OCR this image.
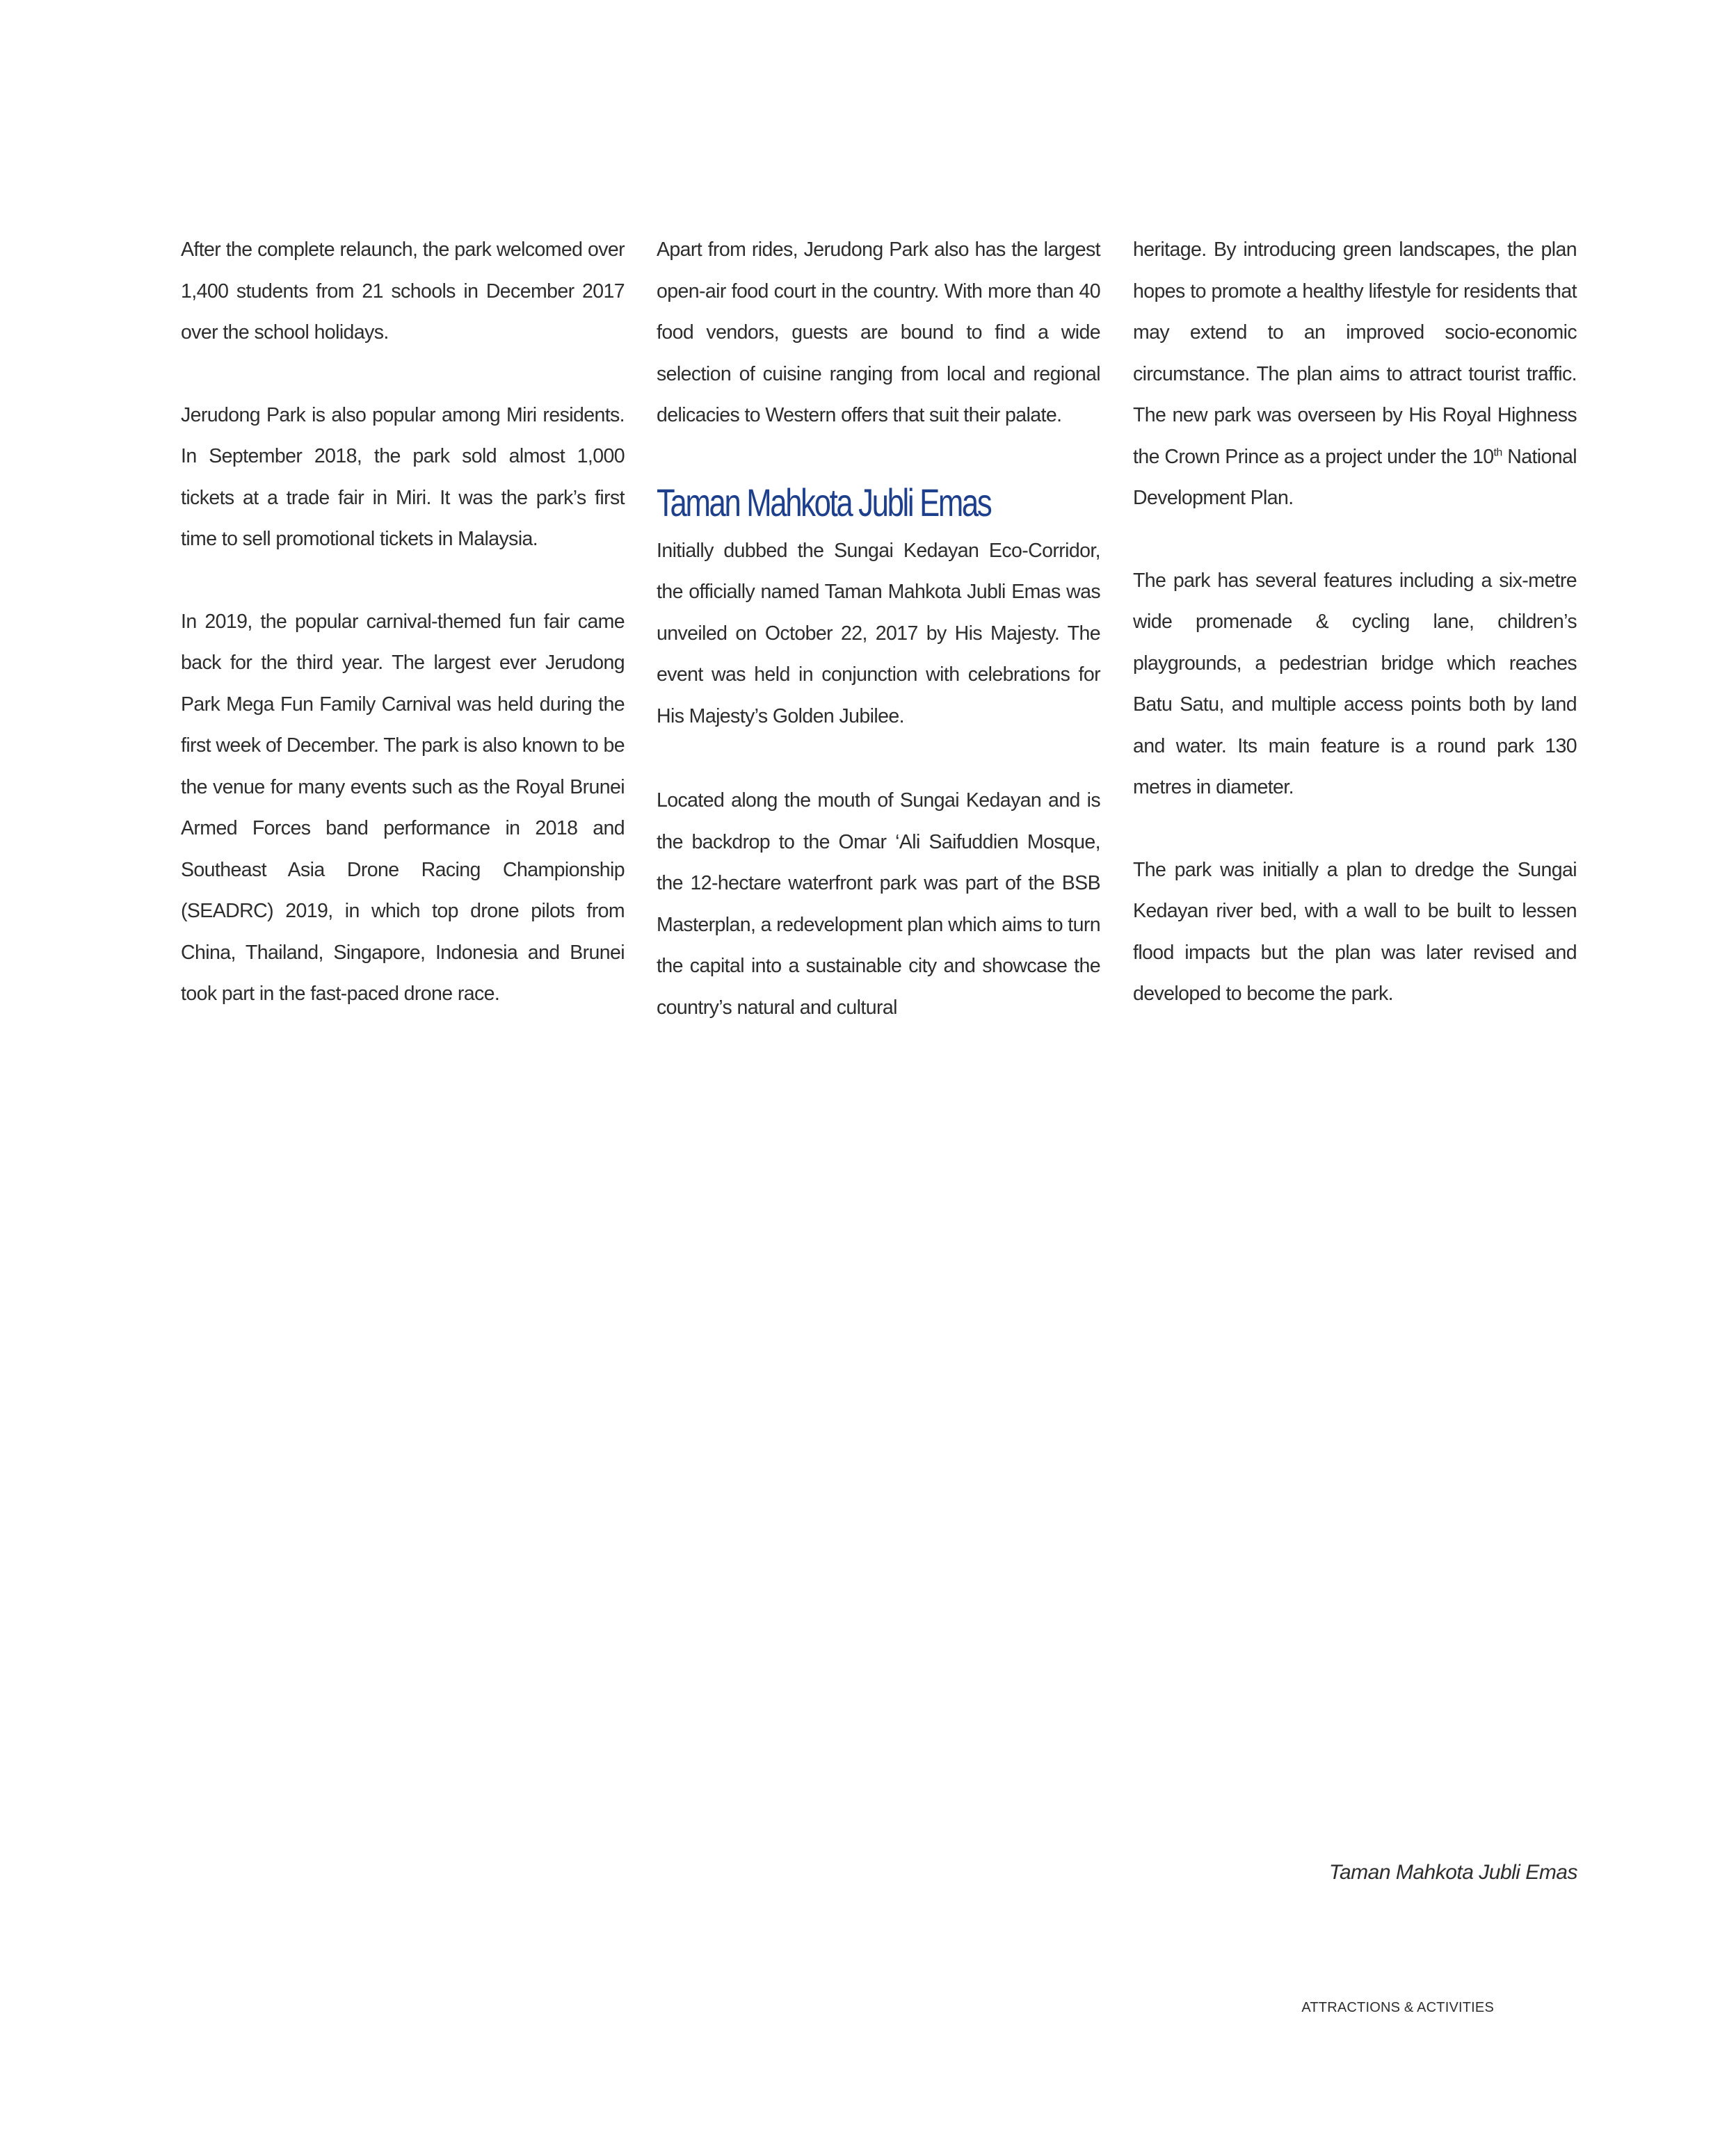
After the complete relaunch, the park welcomed over 1,400 students from 21 schools in December 2017 over the school holidays.

Jerudong Park is also popular among Miri residents. In September 2018, the park sold almost 1,000 tickets at a trade fair in Miri. It was the park’s first time to sell promotional tickets in Malaysia.

In 2019, the popular carnival-themed fun fair came back for the third year. The largest ever Jerudong Park Mega Fun Family Carnival was held during the first week of December. The park is also known to be the venue for many events such as the Royal Brunei Armed Forces band performance in 2018 and Southeast Asia Drone Racing Championship (SEADRC) 2019, in which top drone pilots from China, Thailand, Singapore, Indonesia and Brunei took part in the fast-paced drone race.

Apart from rides, Jerudong Park also has the largest open-air food court in the country. With more than 40 food vendors, guests are bound to find a wide selection of cuisine ranging from local and regional delicacies to Western offers that suit their palate.

Taman Mahkota Jubli Emas

Initially dubbed the Sungai Kedayan Eco-Corridor, the officially named Taman Mahkota Jubli Emas was unveiled on October 22, 2017 by His Majesty. The event was held in conjunction with celebrations for His Majesty’s Golden Jubilee.

Located along the mouth of Sungai Kedayan and is the backdrop to the Omar ‘Ali Saifuddien Mosque, the 12-hectare waterfront park was part of the BSB Masterplan, a redevelopment plan which aims to turn the capital into a sustainable city and showcase the country’s natural and cultural

heritage. By introducing green landscapes, the plan hopes to promote a healthy lifestyle for residents that may extend to an improved socio-economic circumstance. The plan aims to attract tourist traffic. The new park was overseen by His Royal Highness the Crown Prince as a project under the 10th National Development Plan.

The park has several features including a six-metre wide promenade & cycling lane, children’s playgrounds, a pedestrian bridge which reaches Batu Satu, and multiple access points both by land and water. Its main feature is a round park 130 metres in diameter.

The park was initially a plan to dredge the Sungai Kedayan river bed, with a wall to be built to lessen flood impacts but the plan was later revised and developed to become the park.

Taman Mahkota Jubli Emas
ATTRACTIONS & ACTIVITIES
